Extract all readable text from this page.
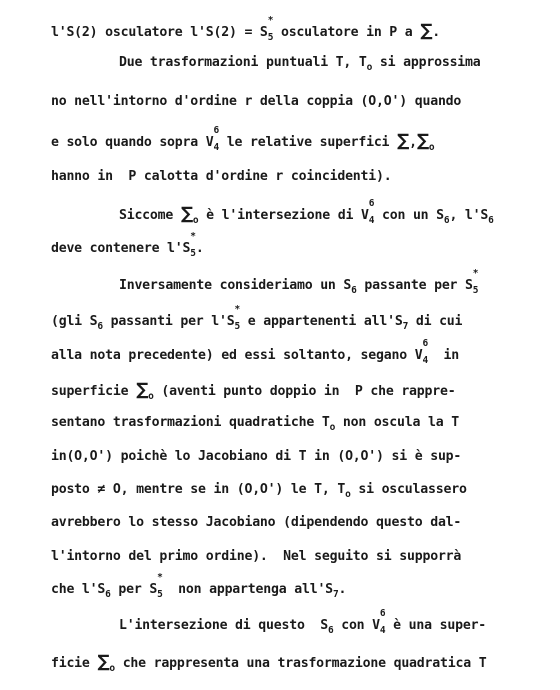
l'S(2) osculatore l'S(2) = S
*
$_5$ osculatore in P a ∑.

Due trasformazioni puntuali T, $T_o$ si approssima

no nell'intorno d'ordine r della coppia (O,O') quando

e solo quando sopra V
6
$_4$ le relative superfici $\sum,\sum_o$

hanno in  P calotta d'ordine r coincidenti).

Siccome $\sum_o$ è l'intersezione di V
6
$_4$ con un $S_6$, $l'S_6$

deve contenere l'S
*
$_5$.

Inversamente consideriamo un $S_6$ passante per S
*
$_5$

(gli $S_6$ passanti per l'S
*
$_5$ e appartenenti $all'S_7$ di cui

alla nota precedente) ed essi soltanto, segano V
6
$_4$  in

superficie $\sum_o$ (aventi punto doppio in  P che rappre-

sentano trasformazioni quadratiche $T_o$ non oscula la T

in(O,O') poichè lo Jacobiano di T in (O,O') si è sup-

posto ≠ O, mentre se in (O,O') le T, $T_o$ si osculassero

avrebbero lo stesso Jacobiano (dipendendo questo dal-

l'intorno del primo ordine).  Nel seguito si supporrà

che $l'S_6$ per S
*
$_5$  non appartenga $all'S_7$.

L'intersezione di questo  $S_6$ con V
6
$_4$ è una super-

ficie $\sum_o$ che rappresenta una trasformazione quadratica T
